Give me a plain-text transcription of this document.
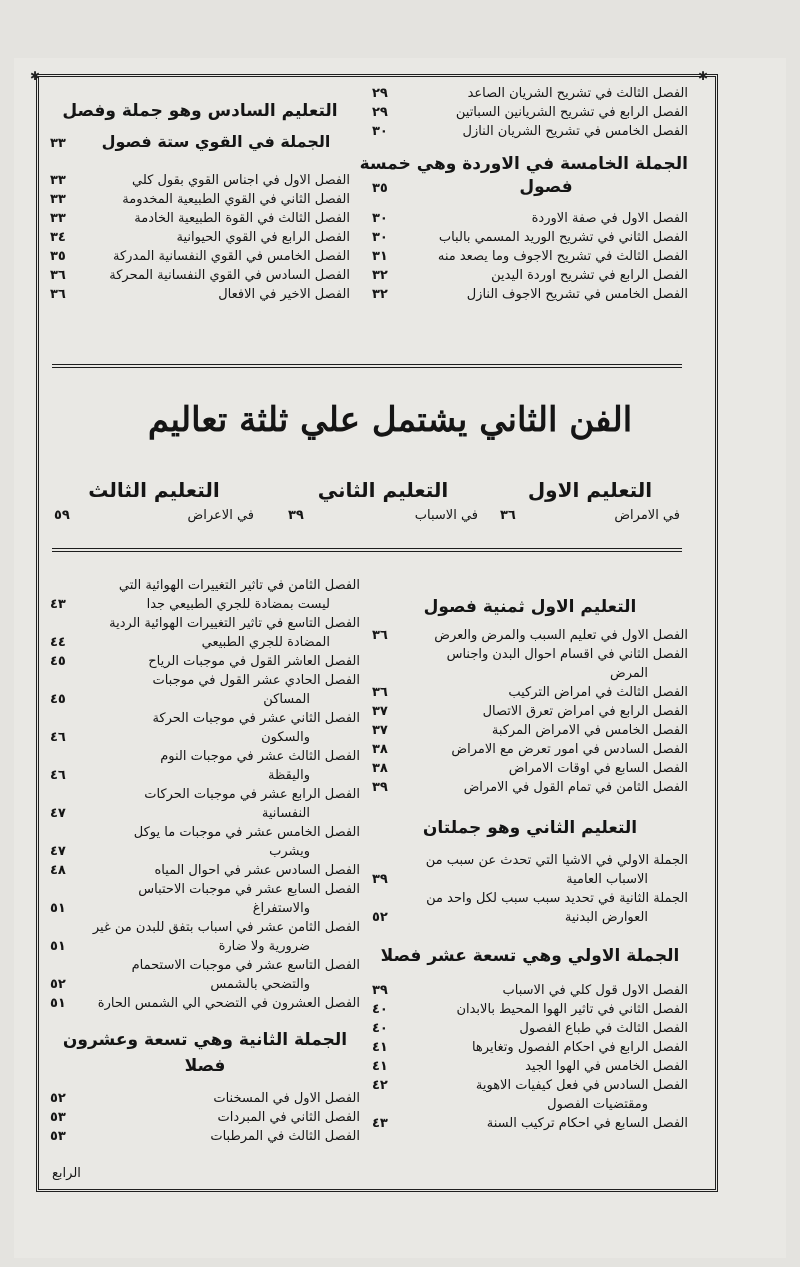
✱	✱
الفصل الثالث في تشريح الشريان الصاعد
٢٩
الفصل الرابع في تشريح الشريانين السباتين
٢٩
الفصل الخامس في تشريح الشريان النازل
٣٠
الجملة الخامسة في الاوردة وهي خمسة
فصول
٣٥
الفصل الاول في صفة الاوردة
٣٠
الفصل الثاني في تشريح الوريد المسمي بالباب
٣٠
الفصل الثالث في تشريح الاجوف وما يصعد منه
٣١
الفصل الرابع في تشريح اوردة اليدين
٣٢
الفصل الخامس في تشريح الاجوف النازل
٣٢
التعليم السادس وهو جملة وفصل
الجملة في القوي ستة فصول
٣٣
الفصل الاول في اجناس القوي بقول كلي
٣٣
الفصل الثاني في القوي الطبيعية المخدومة
٣٣
الفصل الثالث في القوة الطبيعية الخادمة
٣٣
الفصل الرابع في القوي الحيوانية
٣٤
الفصل الخامس في القوي النفسانية المدركة
٣٥
الفصل السادس في القوي النفسانية المحركة
٣٦
الفصل الاخير في الافعال
٣٦
الفن الثاني يشتمل علي ثلثة تعاليم
التعليم الاول
في الامراض
٣٦
التعليم الثاني
في الاسباب
٣٩
التعليم الثالث
في الاعراض
٥٩
التعليم الاول ثمنية فصول
الفصل الاول في تعليم السبب والمرض والعرض
٣٦
الفصل الثاني في اقسام احوال البدن واجناس
المرض
الفصل الثالث في امراض التركيب
٣٦
الفصل الرابع في امراض تعرق الاتصال
٣٧
الفصل الخامس في الامراض المركبة
٣٧
الفصل السادس في امور تعرض مع الامراض
٣٨
الفصل السابع في اوقات الامراض
٣٨
الفصل الثامن في تمام القول في الامراض
٣٩
التعليم الثاني وهو جملتان
الجملة الاولي في الاشيا التي تحدث عن سبب من
الاسباب العامية
٣٩
الجملة الثانية في تحديد سبب سبب لكل واحد من
العوارض البدنية
٥٢
الجملة الاولي وهي تسعة عشر فصلا
الفصل الاول قول كلي في الاسباب
٣٩
الفصل الثاني في تاثير الهوا المحيط بالابدان
٤٠
الفصل الثالث في طباع الفصول
٤٠
الفصل الرابع في احكام الفصول وتغايرها
٤١
الفصل الخامس في الهوا الجيد
٤١
الفصل السادس في فعل كيفيات الاهوية
٤٢
ومقتضيات الفصول
الفصل السابع في احكام تركيب السنة
٤٣
الفصل الثامن في تاثير التغييرات الهوائية التي
ليست بمضادة للجري الطبيعي جدا
٤٣
الفصل التاسع في تاثير التغييرات الهوائية الردية
المضادة للجري الطبيعي
٤٤
الفصل العاشر القول في موجبات الرياح
٤٥
الفصل الحادي عشر القول في موجبات
المساكن
٤٥
الفصل الثاني عشر في موجبات الحركة
والسكون
٤٦
الفصل الثالث عشر في موجبات النوم
واليقظة
٤٦
الفصل الرابع عشر في موجبات الحركات
النفسانية
٤٧
الفصل الخامس عشر في موجبات ما يوكل
ويشرب
٤٧
الفصل السادس عشر في احوال المياه
٤٨
الفصل السابع عشر في موجبات الاحتباس
والاستفراغ
٥١
الفصل الثامن عشر في اسباب بتفق للبدن من غير
ضرورية ولا ضارة
٥١
الفصل التاسع عشر في موجبات الاستحمام
والتضحي بالشمس
٥٢
الفصل العشرون في التضحي الي الشمس الحارة
٥١
الجملة الثانية وهي تسعة وعشرون
فصلا
الفصل الاول في المسخنات
٥٢
الفصل الثاني في المبردات
٥٣
الفصل الثالث في المرطبات
٥٣
الرابع
